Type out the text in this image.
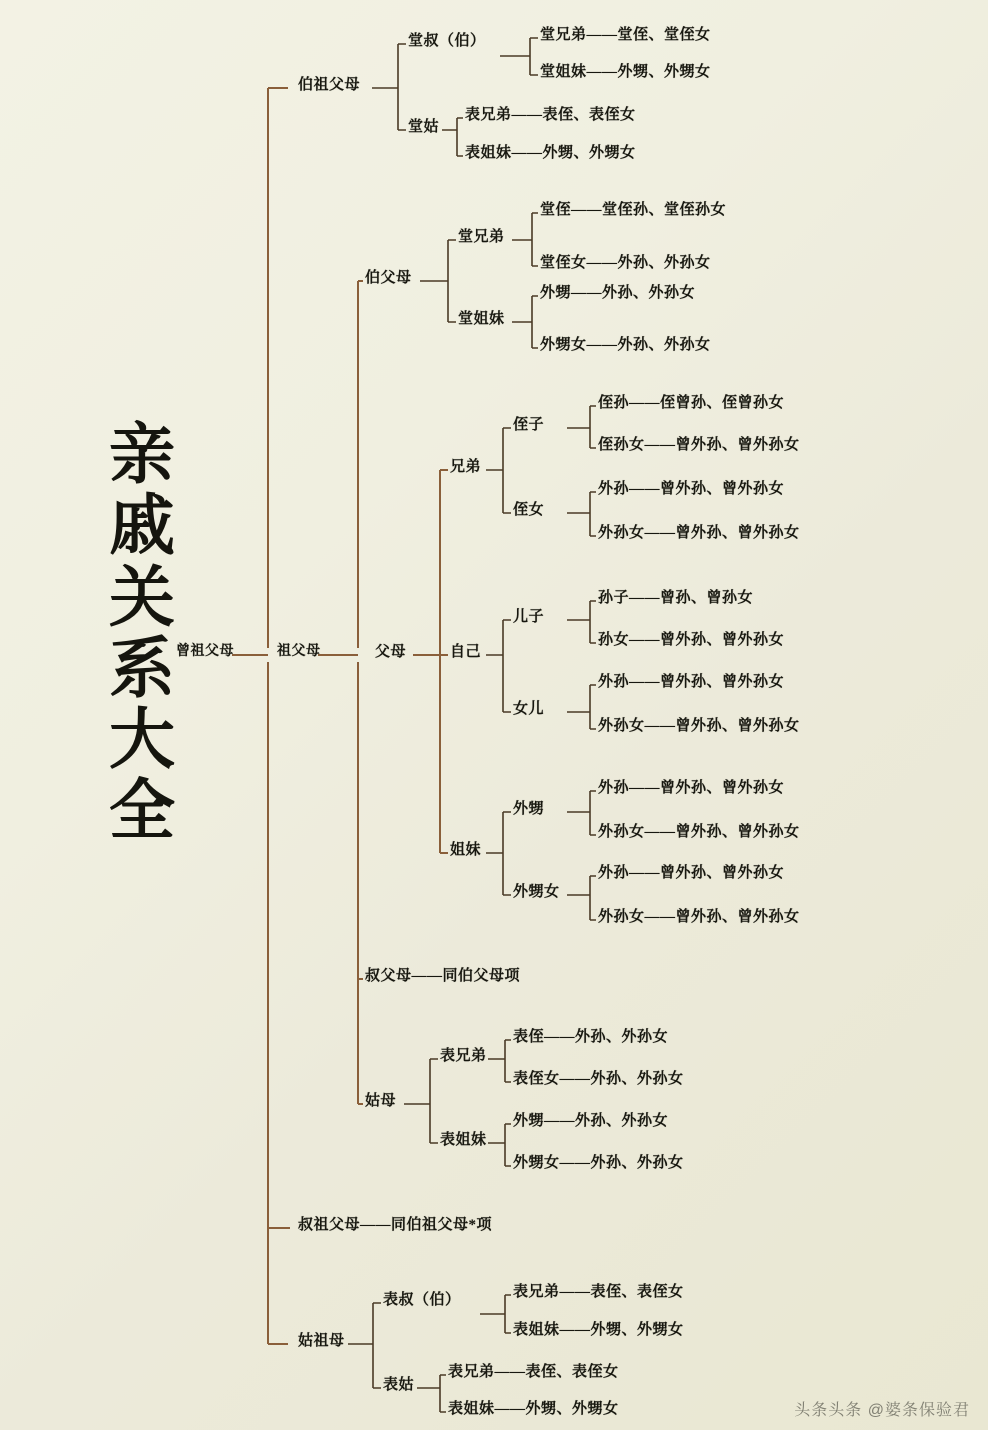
亲
戚
关
系
大
全
曾祖父母	祖父母	父母
伯祖父母
堂叔（伯）	堂兄弟——堂侄、堂侄女
堂姐妹——外甥、外甥女
堂姑
表兄弟——表侄、表侄女
表姐妹——外甥、外甥女
伯父母
堂兄弟
堂侄——堂侄孙、堂侄孙女
堂侄女——外孙、外孙女
堂姐妹
外甥——外孙、外孙女
外甥女——外孙、外孙女
兄弟
侄子
侄孙——侄曾孙、侄曾孙女
侄孙女——曾外孙、曾外孙女
侄女
外孙——曾外孙、曾外孙女
外孙女——曾外孙、曾外孙女
自己
儿子
孙子——曾孙、曾孙女
孙女——曾外孙、曾外孙女
女儿
外孙——曾外孙、曾外孙女
外孙女——曾外孙、曾外孙女
姐妹
外甥
外孙——曾外孙、曾外孙女
外孙女——曾外孙、曾外孙女
外甥女
外孙——曾外孙、曾外孙女
外孙女——曾外孙、曾外孙女
叔父母——同伯父母项
姑母
表兄弟
表侄——外孙、外孙女
表侄女——外孙、外孙女
表姐妹
外甥——外孙、外孙女
外甥女——外孙、外孙女
叔祖父母——同伯祖父母*项
姑祖母
表叔（伯）	表兄弟——表侄、表侄女
表姐妹——外甥、外甥女
表姑
表兄弟——表侄、表侄女
表姐妹——外甥、外甥女	头条头条 @婆条保验君
